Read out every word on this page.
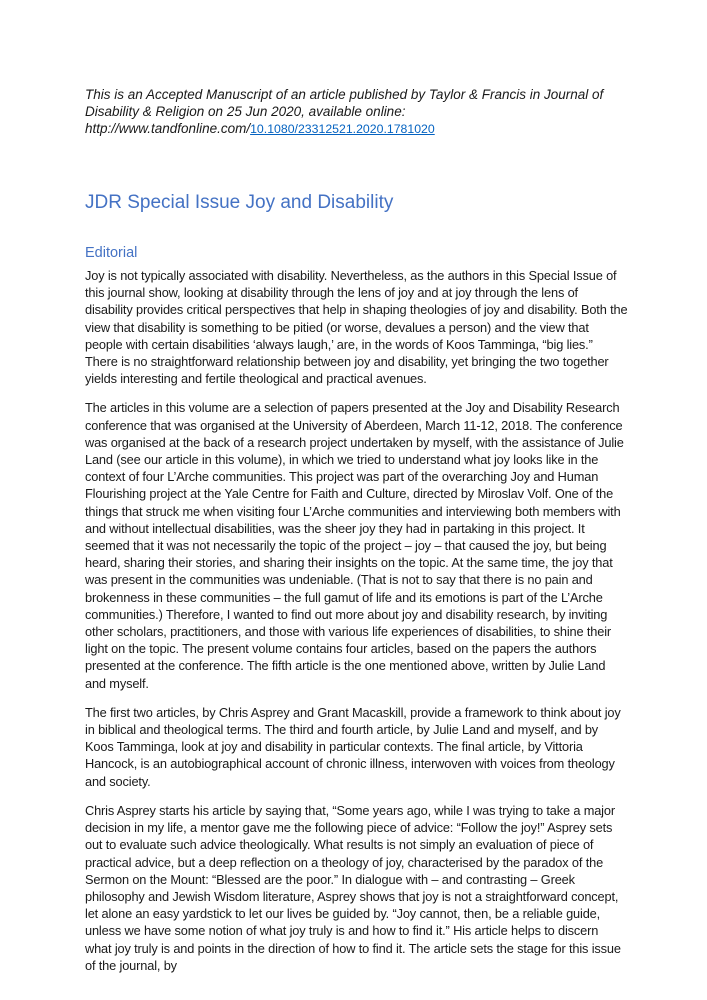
This is an Accepted Manuscript of an article published by Taylor & Francis in Journal of Disability & Religion on 25 Jun 2020, available online: http://www.tandfonline.com/10.1080/23312521.2020.1781020

JDR Special Issue Joy and Disability
Editorial

Joy is not typically associated with disability. Nevertheless, as the authors in this Special Issue of this journal show, looking at disability through the lens of joy and at joy through the lens of disability provides critical perspectives that help in shaping theologies of joy and disability. Both the view that disability is something to be pitied (or worse, devalues a person) and the view that people with certain disabilities ‘always laugh,’ are, in the words of Koos Tamminga, “big lies.” There is no straightforward relationship between joy and disability, yet bringing the two together yields interesting and fertile theological and practical avenues.

The articles in this volume are a selection of papers presented at the Joy and Disability Research conference that was organised at the University of Aberdeen, March 11-12, 2018. The conference was organised at the back of a research project undertaken by myself, with the assistance of Julie Land (see our article in this volume), in which we tried to understand what joy looks like in the context of four L’Arche communities. This project was part of the overarching Joy and Human Flourishing project at the Yale Centre for Faith and Culture, directed by Miroslav Volf. One of the things that struck me when visiting four L’Arche communities and interviewing both members with and without intellectual disabilities, was the sheer joy they had in partaking in this project. It seemed that it was not necessarily the topic of the project – joy – that caused the joy, but being heard, sharing their stories, and sharing their insights on the topic. At the same time, the joy that was present in the communities was undeniable. (That is not to say that there is no pain and brokenness in these communities – the full gamut of life and its emotions is part of the L’Arche communities.) Therefore, I wanted to find out more about joy and disability research, by inviting other scholars, practitioners, and those with various life experiences of disabilities, to shine their light on the topic. The present volume contains four articles, based on the papers the authors presented at the conference. The fifth article is the one mentioned above, written by Julie Land and myself.

The first two articles, by Chris Asprey and Grant Macaskill, provide a framework to think about joy in biblical and theological terms. The third and fourth article, by Julie Land and myself, and by Koos Tamminga, look at joy and disability in particular contexts. The final article, by Vittoria Hancock, is an autobiographical account of chronic illness, interwoven with voices from theology and society.

Chris Asprey starts his article by saying that, “Some years ago, while I was trying to take a major decision in my life, a mentor gave me the following piece of advice: “Follow the joy!” Asprey sets out to evaluate such advice theologically. What results is not simply an evaluation of piece of practical advice, but a deep reflection on a theology of joy, characterised by the paradox of the Sermon on the Mount: “Blessed are the poor.” In dialogue with – and contrasting – Greek philosophy and Jewish Wisdom literature, Asprey shows that joy is not a straightforward concept, let alone an easy yardstick to let our lives be guided by. “Joy cannot, then, be a reliable guide, unless we have some notion of what joy truly is and how to find it.” His article helps to discern what joy truly is and points in the direction of how to find it. The article sets the stage for this issue of the journal, by
